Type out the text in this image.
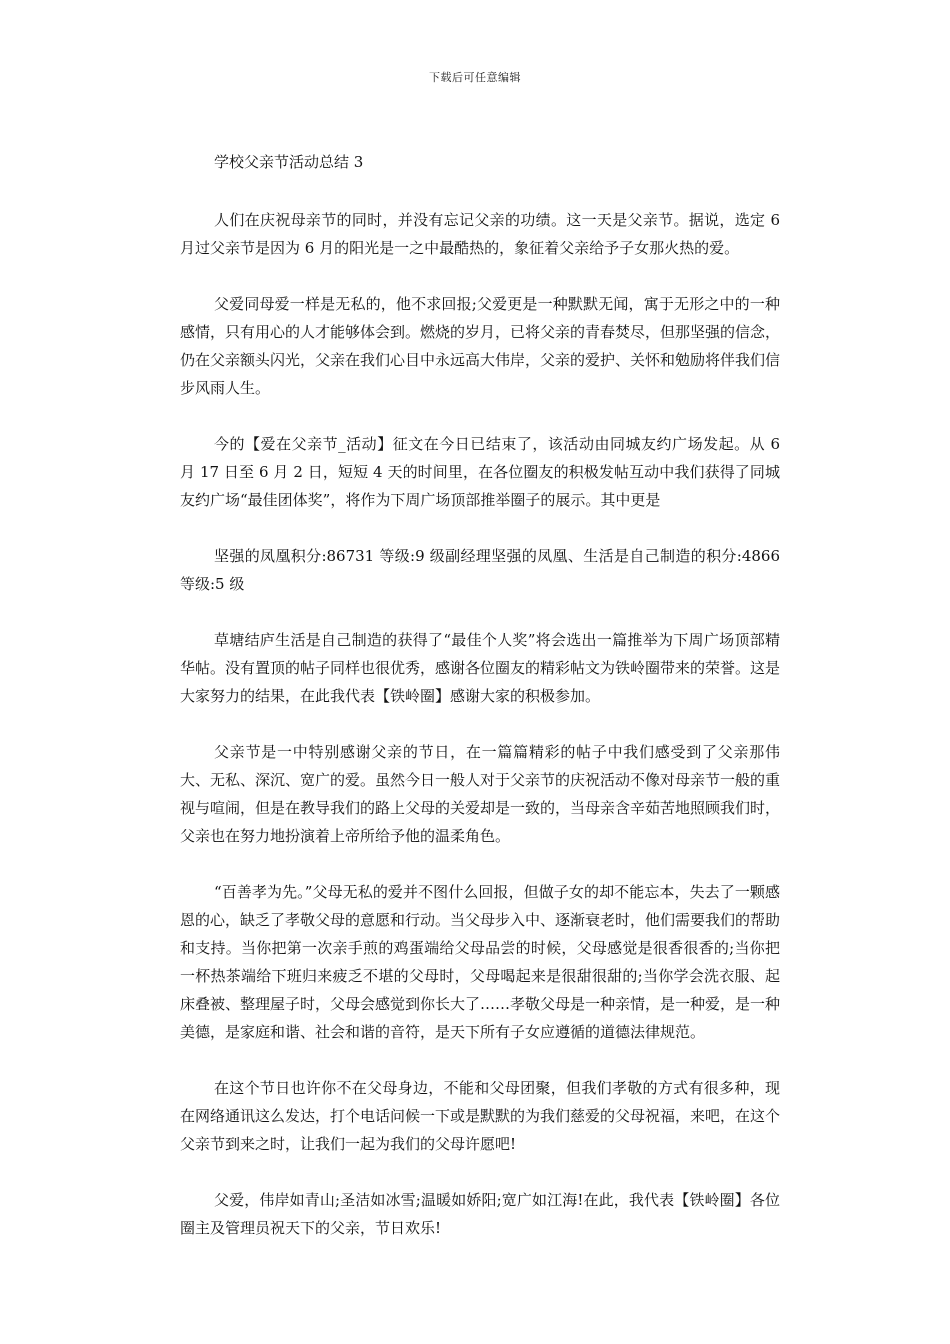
下载后可任意编辑
学校父亲节活动总结 3

人们在庆祝母亲节的同时，并没有忘记父亲的功绩。这一天是父亲节。据说，选定 6 月过父亲节是因为 6 月的阳光是一之中最酷热的，象征着父亲给予子女那火热的爱。

父爱同母爱一样是无私的，他不求回报;父爱更是一种默默无闻，寓于无形之中的一种感情，只有用心的人才能够体会到。燃烧的岁月，已将父亲的青春焚尽，但那坚强的信念，仍在父亲额头闪光，父亲在我们心目中永远高大伟岸，父亲的爱护、关怀和勉励将伴我们信步风雨人生。

今的【爱在父亲节_活动】征文在今日已结束了，该活动由同城友约广场发起。从 6 月 17 日至 6 月 2 日，短短 4 天的时间里，在各位圈友的积极发帖互动中我们获得了同城友约广场“最佳团体奖”，将作为下周广场顶部推举圈子的展示。其中更是

坚强的凤凰积分:86731 等级:9 级副经理坚强的凤凰、生活是自己制造的积分:4866 等级:5 级

草塘结庐生活是自己制造的获得了“最佳个人奖”将会选出一篇推举为下周广场顶部精华帖。没有置顶的帖子同样也很优秀，感谢各位圈友的精彩帖文为铁岭圈带来的荣誉。这是大家努力的结果，在此我代表【铁岭圈】感谢大家的积极参加。

父亲节是一中特别感谢父亲的节日，在一篇篇精彩的帖子中我们感受到了父亲那伟大、无私、深沉、宽广的爱。虽然今日一般人对于父亲节的庆祝活动不像对母亲节一般的重视与喧闹，但是在教导我们的路上父母的关爱却是一致的，当母亲含辛茹苦地照顾我们时，父亲也在努力地扮演着上帝所给予他的温柔角色。

“百善孝为先。”父母无私的爱并不图什么回报，但做子女的却不能忘本，失去了一颗感恩的心，缺乏了孝敬父母的意愿和行动。当父母步入中、逐渐衰老时，他们需要我们的帮助和支持。当你把第一次亲手煎的鸡蛋端给父母品尝的时候，父母感觉是很香很香的;当你把一杯热茶端给下班归来疲乏不堪的父母时，父母喝起来是很甜很甜的;当你学会洗衣服、起床叠被、整理屋子时，父母会感觉到你长大了……孝敬父母是一种亲情，是一种爱，是一种美德，是家庭和谐、社会和谐的音符，是天下所有子女应遵循的道德法律规范。

在这个节日也许你不在父母身边，不能和父母团聚，但我们孝敬的方式有很多种，现在网络通讯这么发达，打个电话问候一下或是默默的为我们慈爱的父母祝福，来吧，在这个父亲节到来之时，让我们一起为我们的父母许愿吧!

父爱，伟岸如青山;圣洁如冰雪;温暖如娇阳;宽广如江海!在此，我代表【铁岭圈】各位圈主及管理员祝天下的父亲，节日欢乐!
